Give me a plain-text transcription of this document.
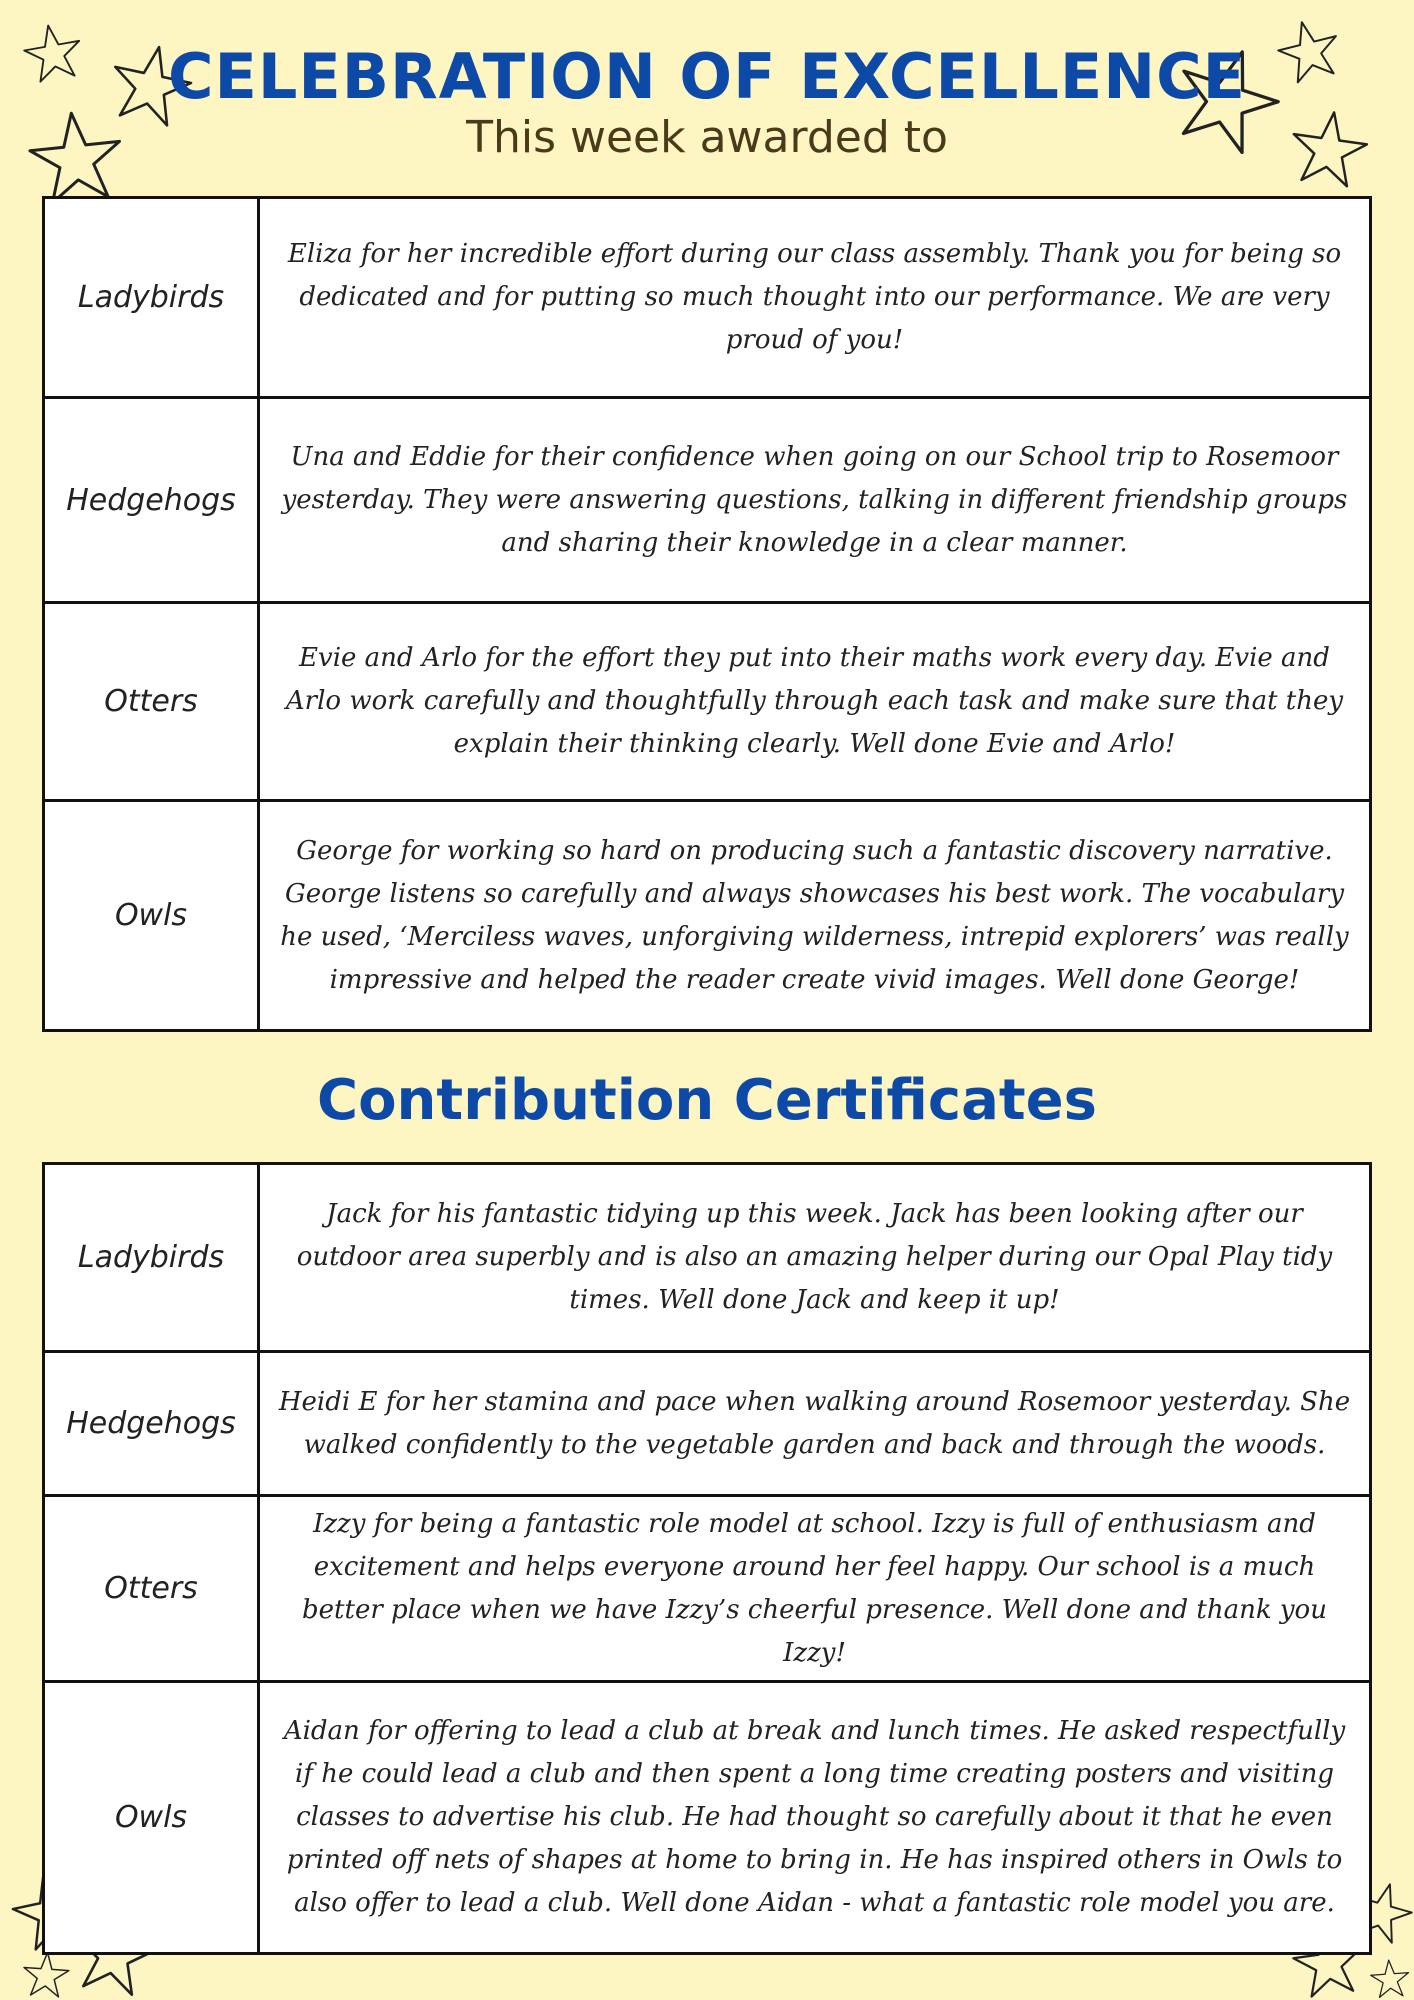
CELEBRATION OF EXCELLENCE
This week awarded to
Ladybirds	Eliza for her incredible effort during our class assembly. Thank you for being so dedicated and for putting so much thought into our performance. We are very proud of you!
Hedgehogs	Una and Eddie for their confidence when going on our School trip to Rosemoor yesterday. They were answering questions, talking in different friendship groups and sharing their knowledge in a clear manner.
Otters	Evie and Arlo for the effort they put into their maths work every day. Evie and Arlo work carefully and thoughtfully through each task and make sure that they explain their thinking clearly. Well done Evie and Arlo!
Owls	George for working so hard on producing such a fantastic discovery narrative. George listens so carefully and always showcases his best work. The vocabulary he used, ‘Merciless waves, unforgiving wilderness, intrepid explorers’ was really impressive and helped the reader create vivid images. Well done George!
Contribution Certificates
Ladybirds	Jack for his fantastic tidying up this week. Jack has been looking after our outdoor area superbly and is also an amazing helper during our Opal Play tidy times. Well done Jack and keep it up!
Hedgehogs	Heidi E for her stamina and pace when walking around Rosemoor yesterday. She walked confidently to the vegetable garden and back and through the woods.
Otters	Izzy for being a fantastic role model at school. Izzy is full of enthusiasm and excitement and helps everyone around her feel happy. Our school is a much better place when we have Izzy’s cheerful presence. Well done and thank you Izzy!
Owls	Aidan for offering to lead a club at break and lunch times. He asked respectfully if he could lead a club and then spent a long time creating posters and visiting classes to advertise his club. He had thought so carefully about it that he even printed off nets of shapes at home to bring in. He has inspired others in Owls to also offer to lead a club. Well done Aidan - what a fantastic role model you are.
